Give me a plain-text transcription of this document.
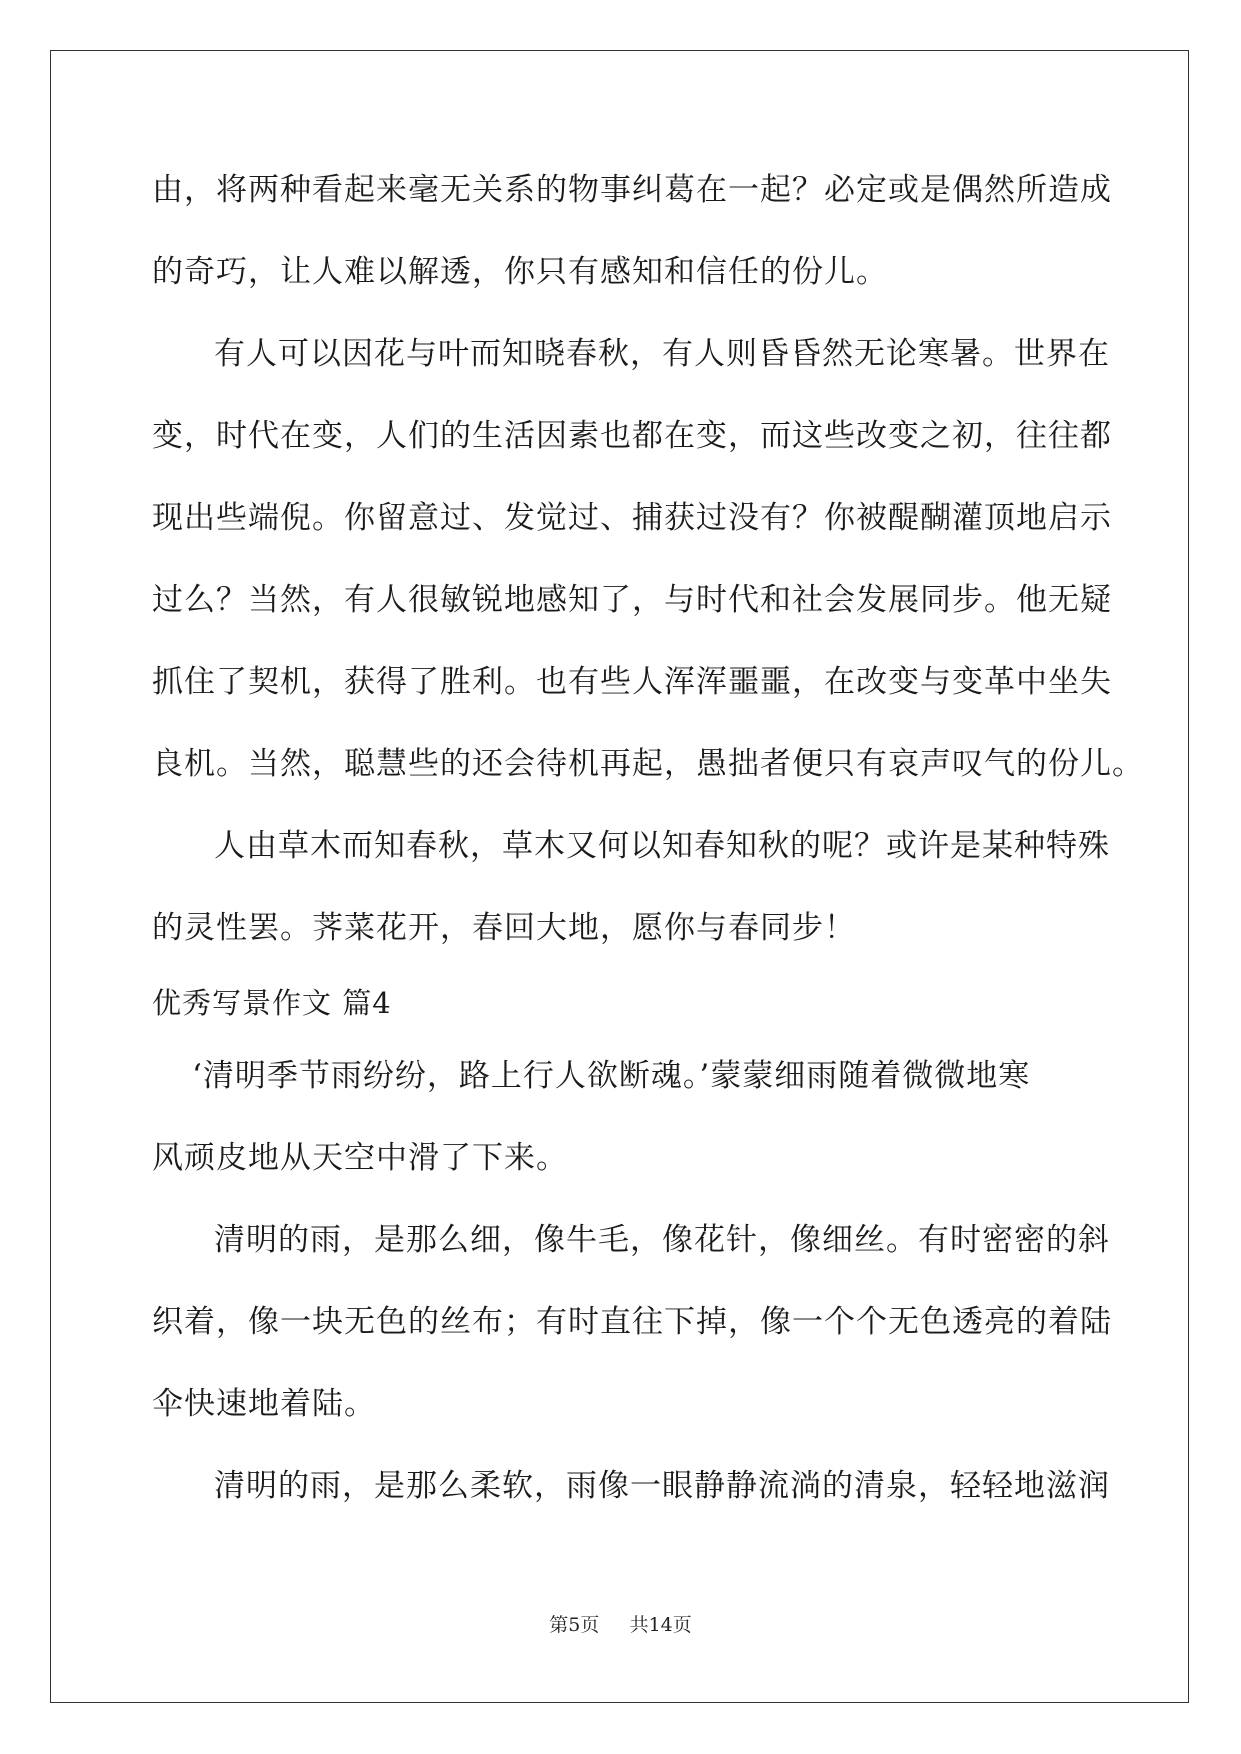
由，将两种看起来毫无关系的物事纠葛在一起？必定或是偶然所造成
的奇巧，让人难以解透，你只有感知和信任的份儿。
有人可以因花与叶而知晓春秋，有人则昏昏然无论寒暑。世界在
变，时代在变，人们的生活因素也都在变，而这些改变之初，往往都
现出些端倪。你留意过、发觉过、捕获过没有？你被醍醐灌顶地启示
过么？当然，有人很敏锐地感知了，与时代和社会发展同步。他无疑
抓住了契机，获得了胜利。也有些人浑浑噩噩，在改变与变革中坐失
良机。当然，聪慧些的还会待机再起，愚拙者便只有哀声叹气的份儿。
人由草木而知春秋，草木又何以知春知秋的呢？或许是某种特殊
的灵性罢。荠菜花开，春回大地，愿你与春同步！
优秀写景作文 篇4
‘清明季节雨纷纷，路上行人欲断魂。’蒙蒙细雨随着微微地寒
风顽皮地从天空中滑了下来。
清明的雨，是那么细，像牛毛，像花针，像细丝。有时密密的斜
织着，像一块无色的丝布；有时直往下掉，像一个个无色透亮的着陆
伞快速地着陆。
清明的雨，是那么柔软，雨像一眼静静流淌的清泉，轻轻地滋润
第5页 共14页
